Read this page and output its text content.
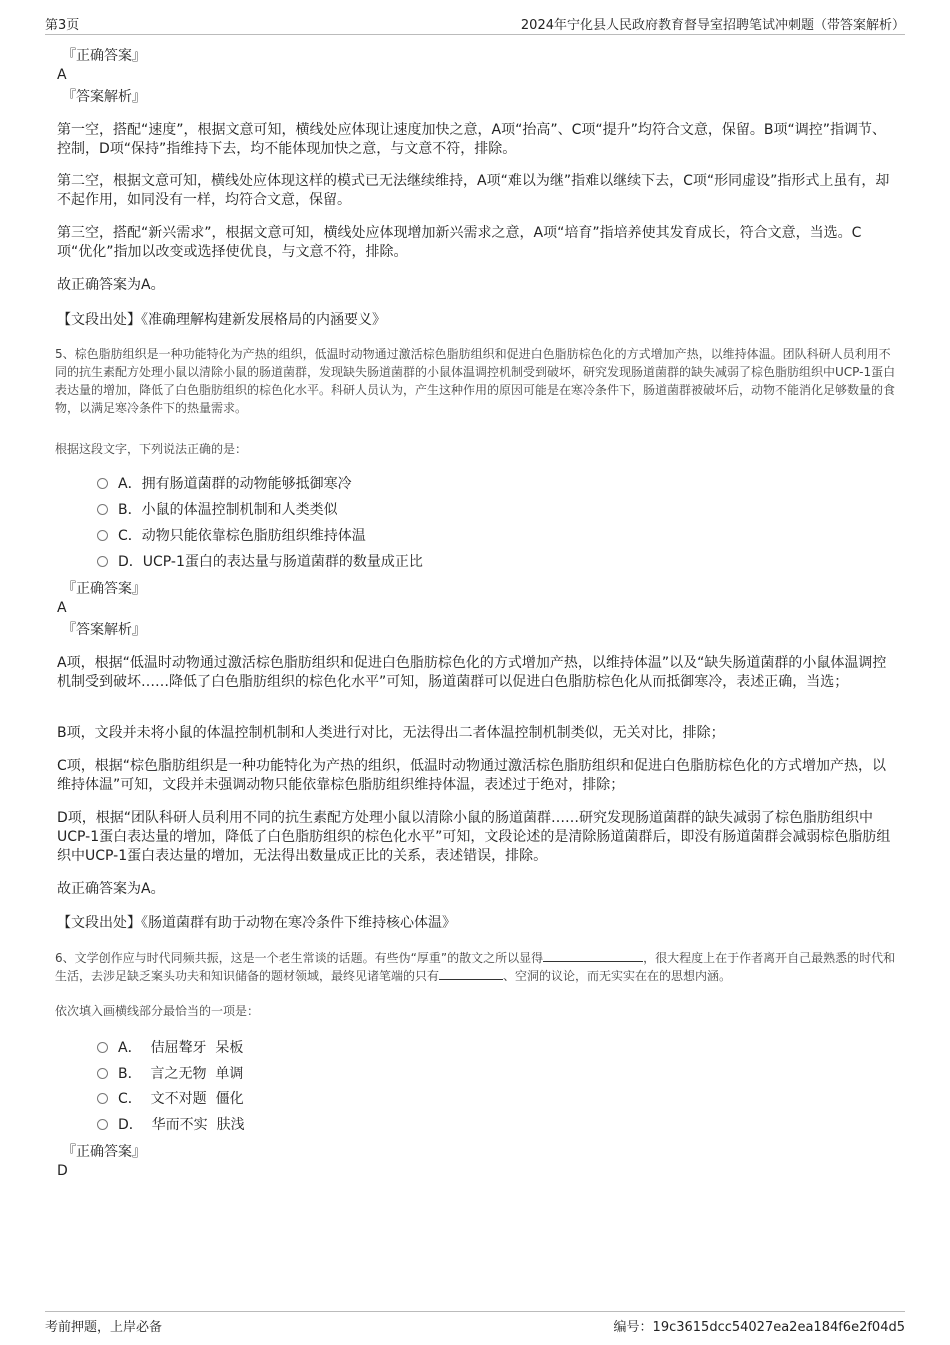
第3页	2024年宁化县人民政府教育督导室招聘笔试冲刺题（带答案解析）
『正确答案』
A
『答案解析』

第一空，搭配“速度”，根据文意可知，横线处应体现让速度加快之意，A项“抬高”、C项“提升”均符合文意，保留。B项“调控”指调节、控制，D项“保持”指维持下去，均不能体现加快之意，与文意不符，排除。

第二空，根据文意可知，横线处应体现这样的模式已无法继续维持，A项“难以为继”指难以继续下去，C项“形同虚设”指形式上虽有，却不起作用，如同没有一样，均符合文意，保留。

第三空，搭配“新兴需求”，根据文意可知，横线处应体现增加新兴需求之意，A项“培育”指培养使其发育成长，符合文意，当选。C项“优化”指加以改变或选择使优良，与文意不符，排除。

故正确答案为A。

【文段出处】《准确理解构建新发展格局的内涵要义》

5、棕色脂肪组织是一种功能特化为产热的组织，低温时动物通过激活棕色脂肪组织和促进白色脂肪棕色化的方式增加产热，以维持体温。团队科研人员利用不同的抗生素配方处理小鼠以清除小鼠的肠道菌群，发现缺失肠道菌群的小鼠体温调控机制受到破坏，研究发现肠道菌群的缺失减弱了棕色脂肪组织中UCP-1蛋白表达量的增加，降低了白色脂肪组织的棕色化水平。科研人员认为，产生这种作用的原因可能是在寒冷条件下，肠道菌群被破坏后，动物不能消化足够数量的食物，以满足寒冷条件下的热量需求。

根据这段文字，下列说法正确的是：

A．拥有肠道菌群的动物能够抵御寒冷
B．小鼠的体温控制机制和人类类似
C．动物只能依靠棕色脂肪组织维持体温
D．UCP-1蛋白的表达量与肠道菌群的数量成正比
『正确答案』
A
『答案解析』

A项，根据“低温时动物通过激活棕色脂肪组织和促进白色脂肪棕色化的方式增加产热，以维持体温”以及“缺失肠道菌群的小鼠体温调控机制受到破坏……降低了白色脂肪组织的棕色化水平”可知，肠道菌群可以促进白色脂肪棕色化从而抵御寒冷，表述正确，当选；

B项，文段并未将小鼠的体温控制机制和人类进行对比，无法得出二者体温控制机制类似，无关对比，排除；

C项，根据“棕色脂肪组织是一种功能特化为产热的组织，低温时动物通过激活棕色脂肪组织和促进白色脂肪棕色化的方式增加产热，以维持体温”可知，文段并未强调动物只能依靠棕色脂肪组织维持体温，表述过于绝对，排除；

D项，根据“团队科研人员利用不同的抗生素配方处理小鼠以清除小鼠的肠道菌群……研究发现肠道菌群的缺失减弱了棕色脂肪组织中UCP-1蛋白表达量的增加，降低了白色脂肪组织的棕色化水平”可知，文段论述的是清除肠道菌群后，即没有肠道菌群会减弱棕色脂肪组织中UCP-1蛋白表达量的增加，无法得出数量成正比的关系，表述错误，排除。

故正确答案为A。

【文段出处】《肠道菌群有助于动物在寒冷条件下维持核心体温》

6、文学创作应与时代同频共振，这是一个老生常谈的话题。有些伪“厚重”的散文之所以显得	，很大程度上在于作者离开自己最熟悉的时代和生活，去涉足缺乏案头功夫和知识储备的题材领域，最终见诸笔端的只有	、空洞的议论，而无实实在在的思想内涵。

依次填入画横线部分最恰当的一项是：

A．  佶屈聱牙  呆板
B．  言之无物  单调
C．  文不对题  僵化
D．  华而不实  肤浅
『正确答案』
D
考前押题，上岸必备	编号：19c3615dcc54027ea2ea184f6e2f04d5
